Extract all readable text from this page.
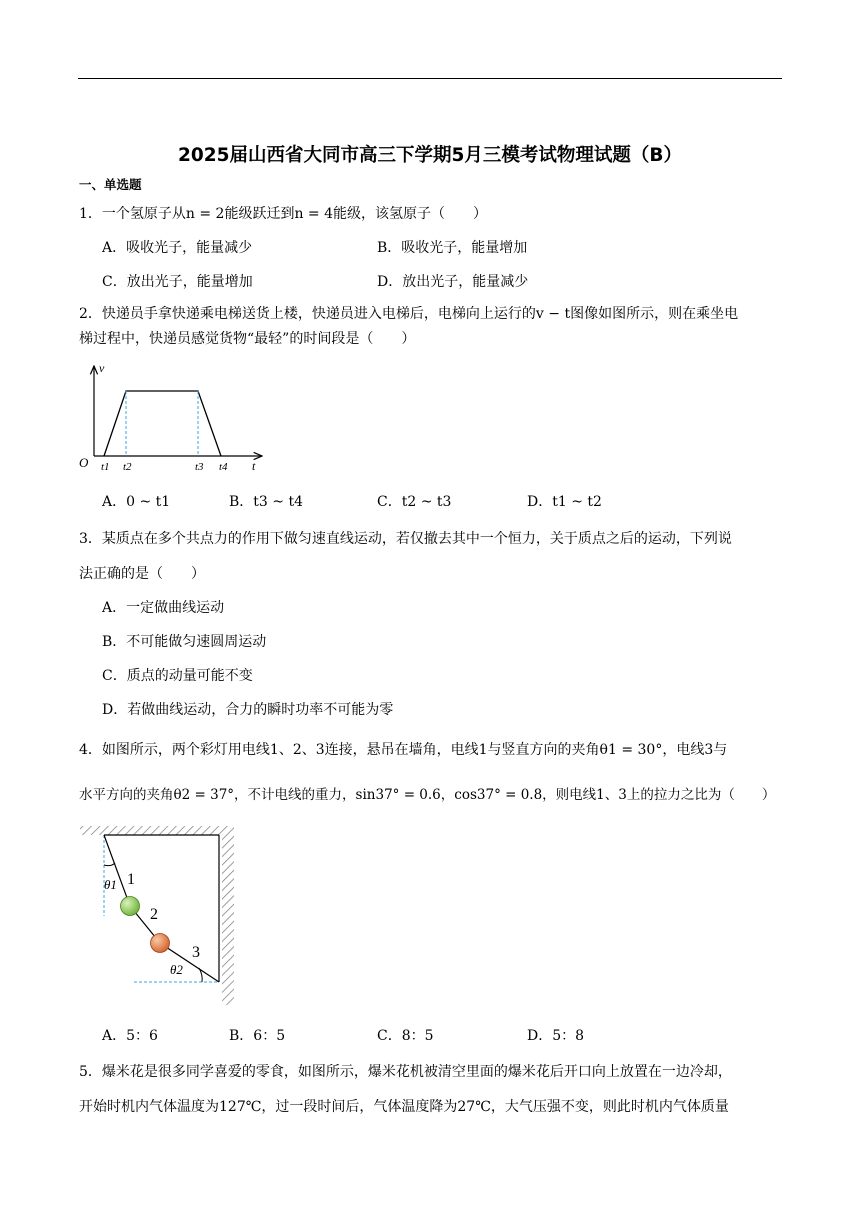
2025届山西省大同市高三下学期5月三模考试物理试题（B）
一、单选题
1．一个氢原子从n = 2能级跃迁到n = 4能级，该氢原子（　　）
A．吸收光子，能量减少	B．吸收光子，能量增加
C．放出光子，能量增加	D．放出光子，能量减少
2．快递员手拿快递乘电梯送货上楼，快递员进入电梯后，电梯向上运行的v − t图像如图所示，则在乘坐电
梯过程中，快递员感觉货物“最轻”的时间段是（　　）
v
t
O t1 t2	t3 t4
A．0 ~ t1	B．t3 ~ t4	C．t2 ~ t3	D．t1 ~ t2
3．某质点在多个共点力的作用下做匀速直线运动，若仅撤去其中一个恒力，关于质点之后的运动，下列说
法正确的是（　　）
A．一定做曲线运动
B．不可能做匀速圆周运动
C．质点的动量可能不变
D．若做曲线运动，合力的瞬时功率不可能为零
4．如图所示，两个彩灯用电线1、2、3连接，悬吊在墙角，电线1与竖直方向的夹角θ1 = 30°，电线3与
水平方向的夹角θ2 = 37°，不计电线的重力，sin37° = 0.6，cos37° = 0.8，则电线1、3上的拉力之比为（　　）
1
2
3
θ1
θ2
A．5：6	B．6：5	C．8：5	D．5：8
5．爆米花是很多同学喜爱的零食，如图所示，爆米花机被清空里面的爆米花后开口向上放置在一边冷却，
开始时机内气体温度为127℃，过一段时间后，气体温度降为27℃，大气压强不变，则此时机内气体质量
